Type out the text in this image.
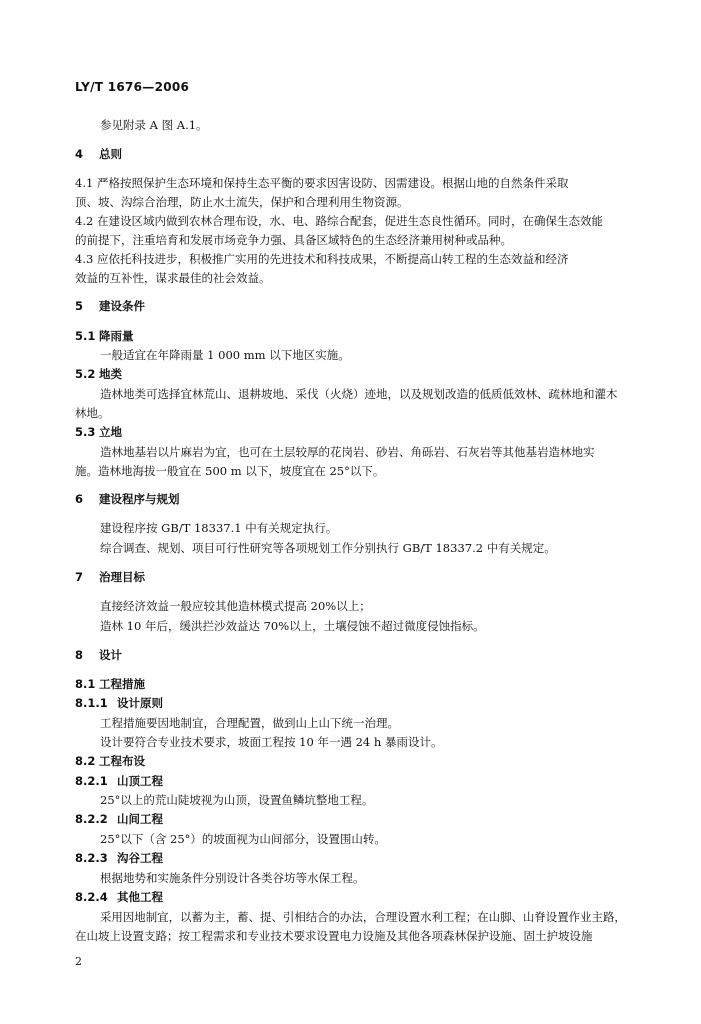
LY/T 1676—2006
参见附录 A 图 A.1。
4 总则
4.1 严格按照保护生态环境和保持生态平衡的要求因害设防、因需建设。根据山地的自然条件采取
顶、坡、沟综合治理，防止水土流失，保护和合理利用生物资源。
4.2 在建设区域内做到农林合理布设，水、电、路综合配套，促进生态良性循环。同时，在确保生态效能
的前提下，注重培育和发展市场竞争力强、具备区域特色的生态经济兼用树种或品种。
4.3 应依托科技进步，积极推广实用的先进技术和科技成果，不断提高山转工程的生态效益和经济
效益的互补性，谋求最佳的社会效益。
5 建设条件
5.1 降雨量
一般适宜在年降雨量 1 000 mm 以下地区实施。
5.2 地类
造林地类可选择宜林荒山、退耕坡地、采伐（火烧）迹地，以及规划改造的低质低效林、疏林地和灌木
林地。
5.3 立地
造林地基岩以片麻岩为宜，也可在土层较厚的花岗岩、砂岩、角砾岩、石灰岩等其他基岩造林地实
施。造林地海拔一般宜在 500 m 以下，坡度宜在 25°以下。
6 建设程序与规划
建设程序按 GB/T 18337.1 中有关规定执行。
综合调查、规划、项目可行性研究等各项规划工作分别执行 GB/T 18337.2 中有关规定。
7 治理目标
直接经济效益一般应较其他造林模式提高 20%以上；
造林 10 年后，缓洪拦沙效益达 70%以上，土壤侵蚀不超过微度侵蚀指标。
8 设计
8.1 工程措施
8.1.1 设计原则
工程措施要因地制宜，合理配置，做到山上山下统一治理。
设计要符合专业技术要求，坡面工程按 10 年一遇 24 h 暴雨设计。
8.2 工程布设
8.2.1 山顶工程
25°以上的荒山陡坡视为山顶，设置鱼鳞坑整地工程。
8.2.2 山间工程
25°以下（含 25°）的坡面视为山间部分，设置围山转。
8.2.3 沟谷工程
根据地势和实施条件分别设计各类谷坊等水保工程。
8.2.4 其他工程
采用因地制宜，以蓄为主，蓄、提、引相结合的办法，合理设置水利工程；在山脚、山脊设置作业主路，
在山坡上设置支路；按工程需求和专业技术要求设置电力设施及其他各项森林保护设施、固土护坡设施
2
